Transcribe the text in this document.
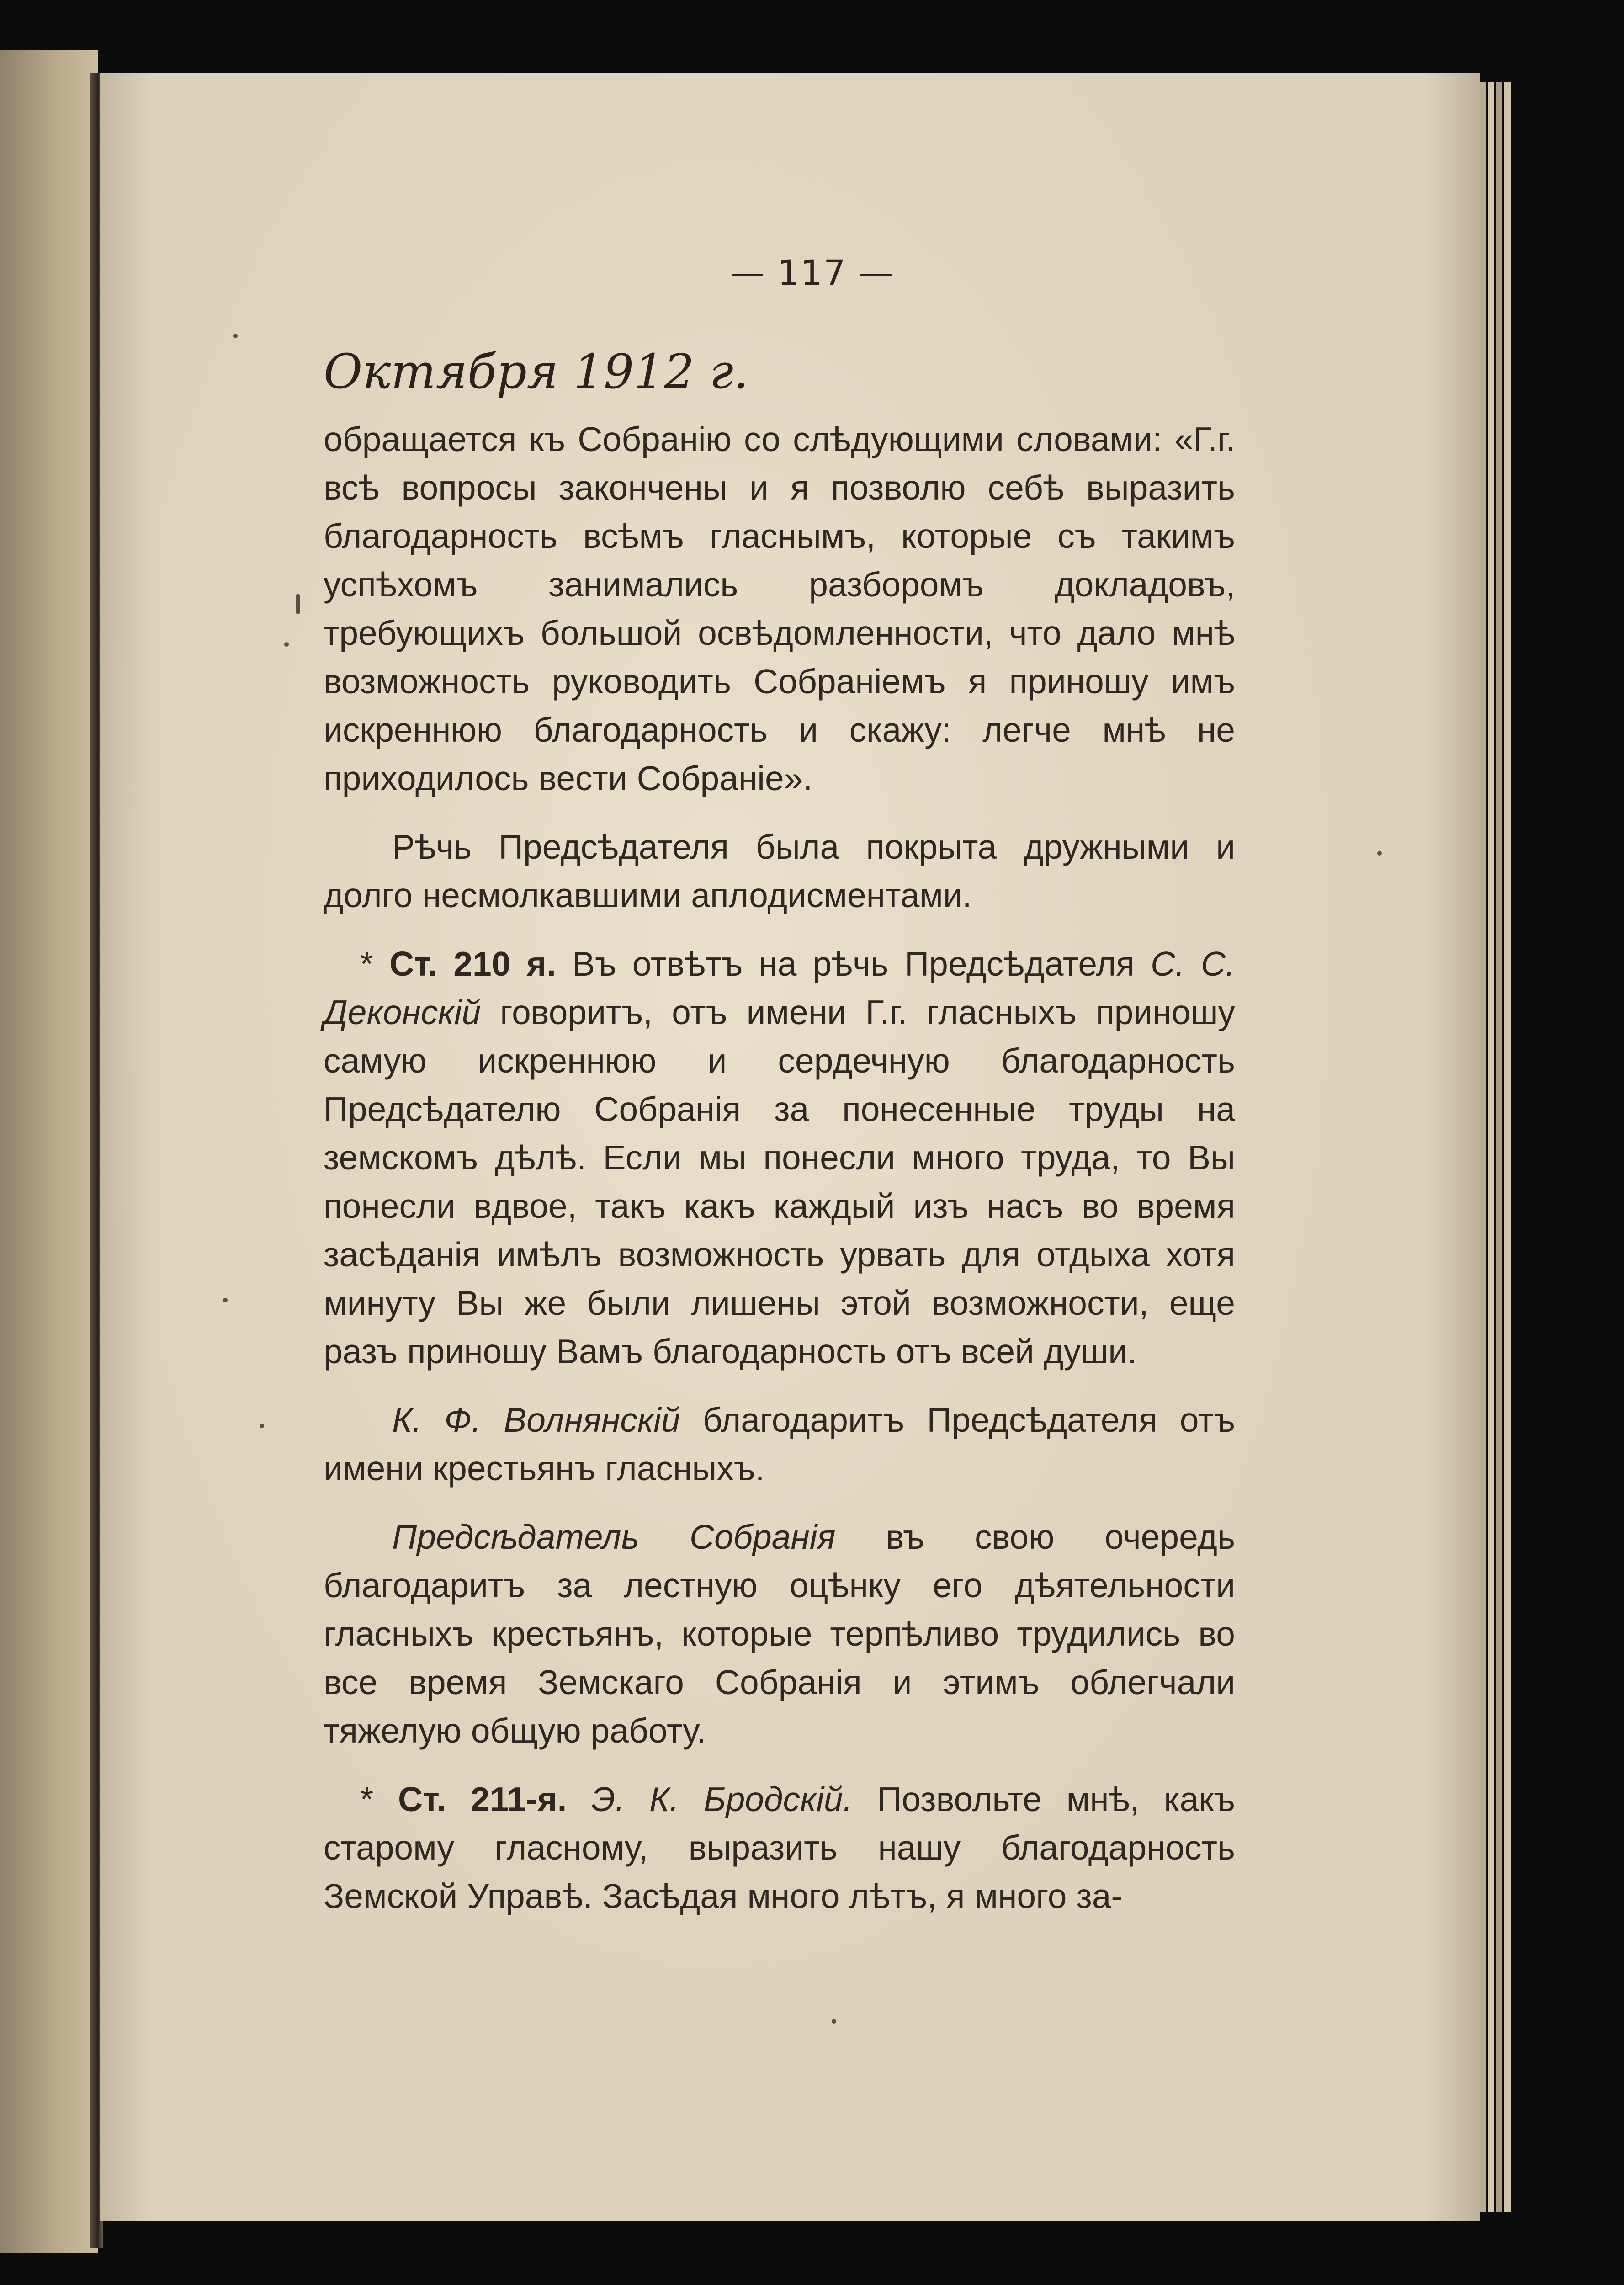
— 117 —
Октября 1912 г.

обращается къ Собранію со слѣдующими словами: «Г.г. всѣ вопросы закончены и я позволю себѣ выразить благодарность всѣмъ гласнымъ, которые съ такимъ успѣхомъ занимались разборомъ докладовъ, требующихъ большой освѣдомленности, что дало мнѣ возможность руководить Собраніемъ я приношу имъ искреннюю благодарность и скажу: легче мнѣ не приходилось вести Собраніе».

Рѣчь Предсѣдателя была покрыта дружными и долго несмолкавшими аплодисментами.

* Ст. 210 я. Въ отвѣтъ на рѣчь Предсѣдателя С. С. Деконскій говоритъ, отъ имени Г.г. гласныхъ приношу самую искреннюю и сердечную благодарность Предсѣдателю Собранія за понесенные труды на земскомъ дѣлѣ. Если мы понесли много труда, то Вы понесли вдвое, такъ какъ каждый изъ насъ во время засѣданія имѣлъ возможность урвать для отдыха хотя минуту Вы же были лишены этой возможности, еще разъ приношу Вамъ благодарность отъ всей души.

К. Ф. Волнянскій благодаритъ Предсѣдателя отъ имени крестьянъ гласныхъ.

Предсѣдатель Собранія въ свою очередь благодаритъ за лестную оцѣнку его дѣятельности гласныхъ крестьянъ, которые терпѣливо трудились во все время Земскаго Собранія и этимъ облегчали тяжелую общую работу.

* Ст. 211-я. Э. К. Бродскій. Позвольте мнѣ, какъ старому гласному, выразить нашу благодарность Земской Управѣ. Засѣдая много лѣтъ, я много за-
